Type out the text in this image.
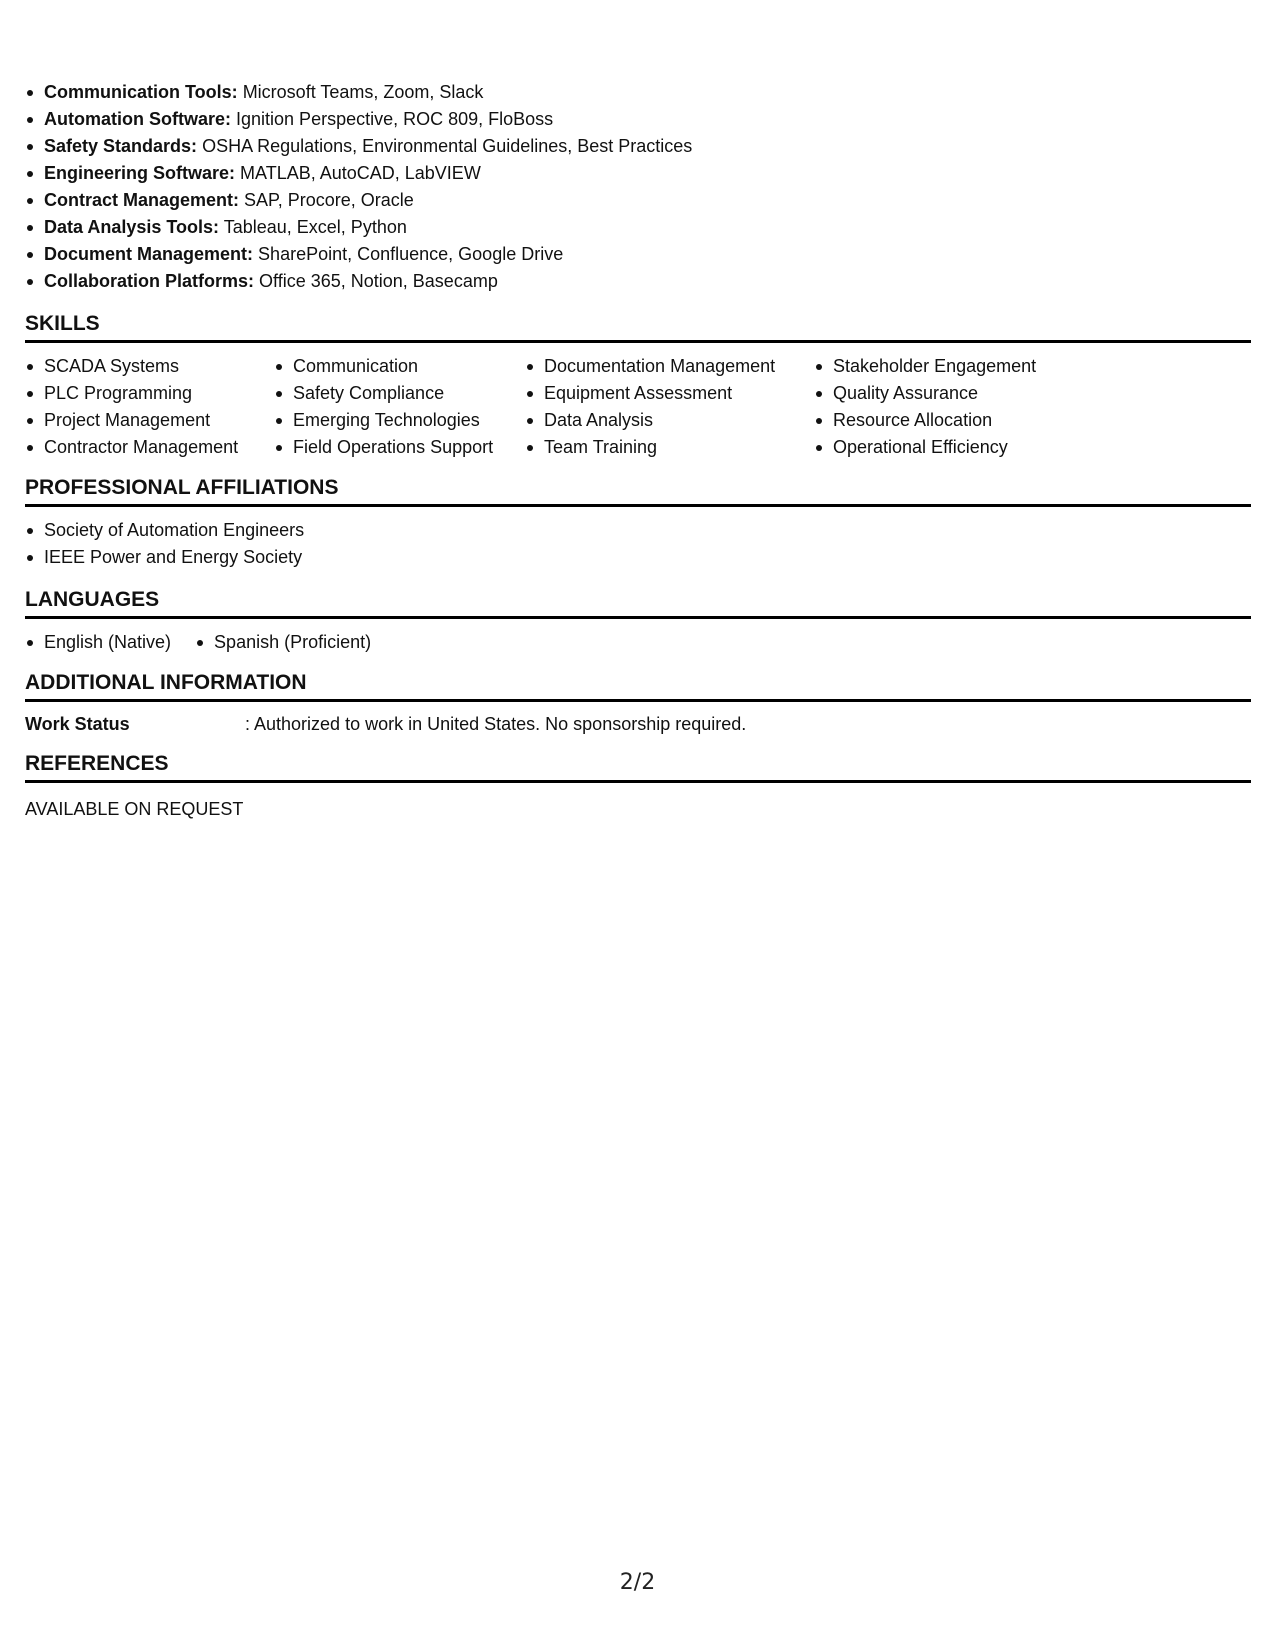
Communication Tools: Microsoft Teams, Zoom, Slack
Automation Software: Ignition Perspective, ROC 809, FloBoss
Safety Standards: OSHA Regulations, Environmental Guidelines, Best Practices
Engineering Software: MATLAB, AutoCAD, LabVIEW
Contract Management: SAP, Procore, Oracle
Data Analysis Tools: Tableau, Excel, Python
Document Management: SharePoint, Confluence, Google Drive
Collaboration Platforms: Office 365, Notion, Basecamp
SKILLS
SCADA Systems
PLC Programming
Project Management
Contractor Management
Communication
Safety Compliance
Emerging Technologies
Field Operations Support
Documentation Management
Equipment Assessment
Data Analysis
Team Training
Stakeholder Engagement
Quality Assurance
Resource Allocation
Operational Efficiency
PROFESSIONAL AFFILIATIONS
Society of Automation Engineers
IEEE Power and Energy Society
LANGUAGES
English (Native)	Spanish (Proficient)
ADDITIONAL INFORMATION
Work Status	: Authorized to work in United States. No sponsorship required.
REFERENCES
AVAILABLE ON REQUEST
2/2
